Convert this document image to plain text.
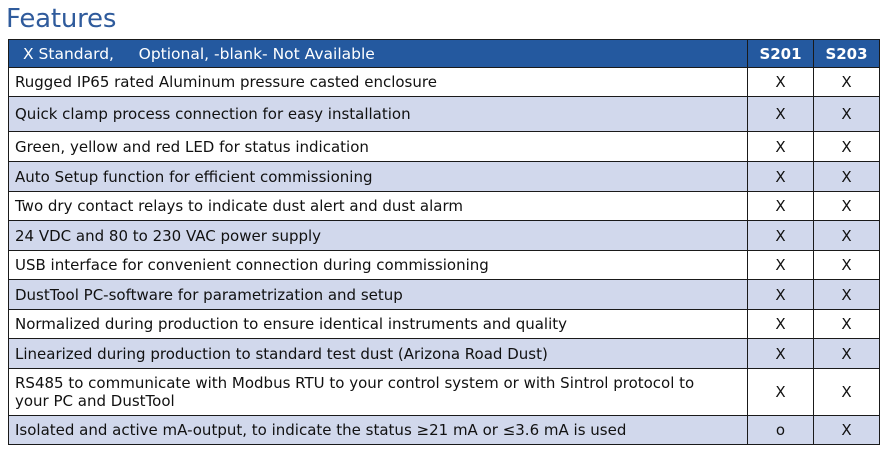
Features
X Standard,     Optional, -blank- Not Available	S201	S203
Rugged IP65 rated Aluminum pressure casted enclosure	X	X
Quick clamp process connection for easy installation	X	X
Green, yellow and red LED for status indication	X	X
Auto Setup function for efficient commissioning	X	X
Two dry contact relays to indicate dust alert and dust alarm	X	X
24 VDC and 80 to 230 VAC power supply	X	X
USB interface for convenient connection during commissioning	X	X
DustTool PC-software for parametrization and setup	X	X
Normalized during production to ensure identical instruments and quality	X	X
Linearized during production to standard test dust (Arizona Road Dust)	X	X
RS485 to communicate with Modbus RTU to your control system or with Sintrol protocol to your PC and DustTool	X	X
Isolated and active mA-output, to indicate the status ≥21 mA or ≤3.6 mA is used	o	X
